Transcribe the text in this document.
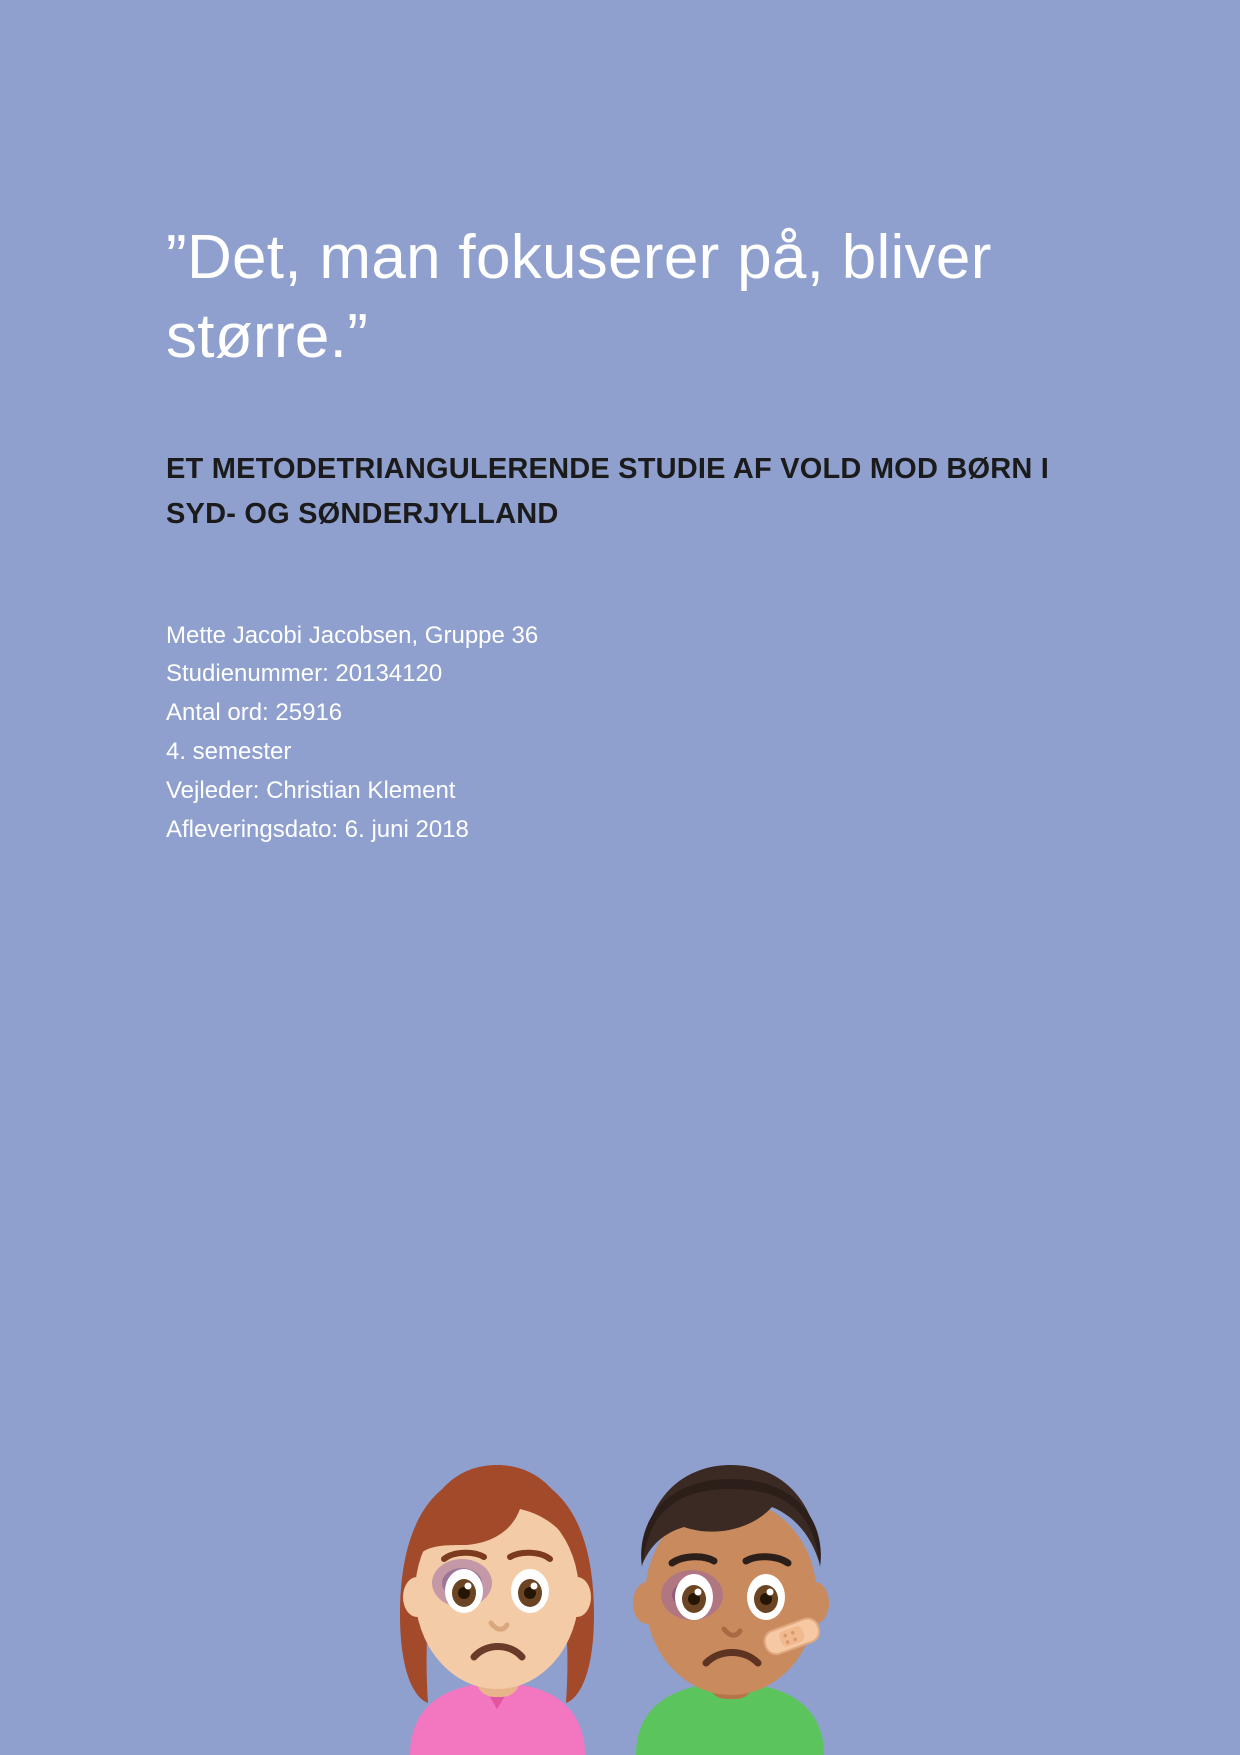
”Det, man fokuserer på, bliver større.”
ET METODETRIANGULERENDE STUDIE AF VOLD MOD BØRN I SYD- OG SØNDERJYLLAND
Mette Jacobi Jacobsen, Gruppe 36
Studienummer: 20134120
Antal ord: 25916
4. semester
Vejleder: Christian Klement
Afleveringsdato: 6. juni 2018
